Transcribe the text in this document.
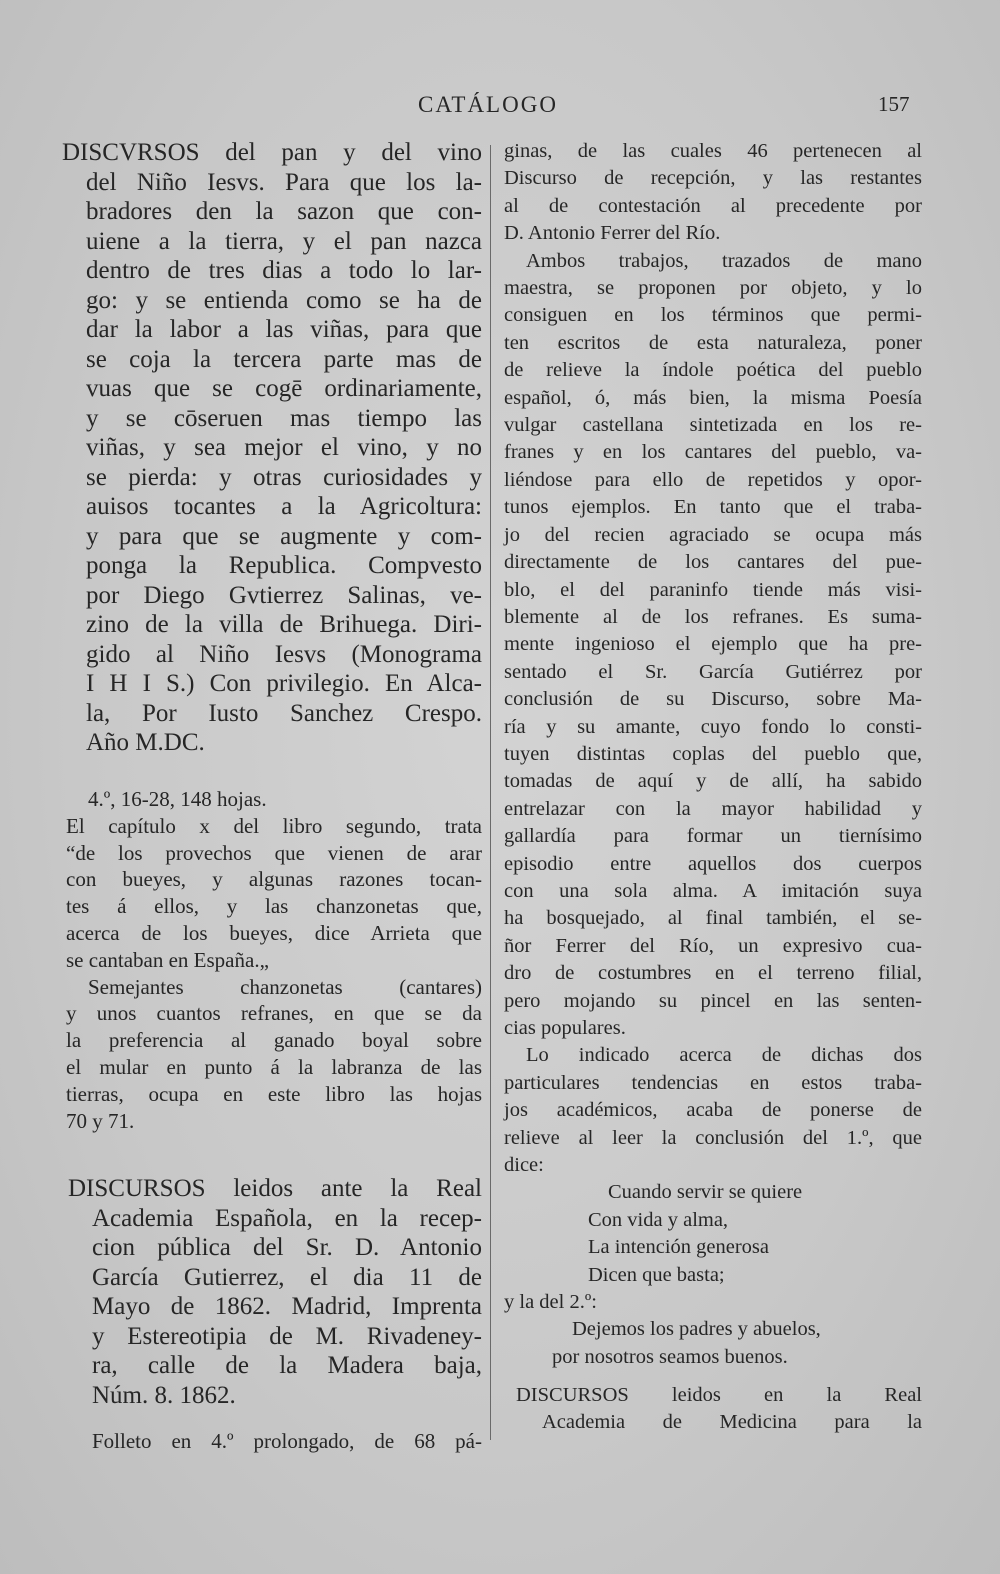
CATÁLOGO	157
DISCVRSOS del pan y del vino
del Niño Iesvs. Para que los la-
bradores den la sazon que con-
uiene a la tierra, y el pan nazca
dentro de tres dias a todo lo lar-
go: y se entienda como se ha de
dar la labor a las viñas, para que
se coja la tercera parte mas de
vuas que se cogē ordinariamente,
y se cōseruen mas tiempo las
viñas, y sea mejor el vino, y no
se pierda: y otras curiosidades y
auisos tocantes a la Agricoltura:
y para que se augmente y com-
ponga la Republica. Compvesto
por Diego Gvtierrez Salinas, ve-
zino de la villa de Brihuega. Diri-
gido al Niño Iesvs (Monograma
I H I S.) Con privilegio. En Alca-
la, Por Iusto Sanchez Crespo.
Año M.DC.
4.º, 16-28, 148 hojas.
El capítulo x del libro segundo, trata
“de los provechos que vienen de arar
con bueyes, y algunas razones tocan-
tes á ellos, y las chanzonetas que,
acerca de los bueyes, dice Arrieta que
se cantaban en España.„
Semejantes chanzonetas (cantares)
y unos cuantos refranes, en que se da
la preferencia al ganado boyal sobre
el mular en punto á la labranza de las
tierras, ocupa en este libro las hojas
70 y 71.
DISCURSOS leidos ante la Real
Academia Española, en la recep-
cion pública del Sr. D. Antonio
García Gutierrez, el dia 11 de
Mayo de 1862. Madrid, Imprenta
y Estereotipia de M. Rivadeney-
ra, calle de la Madera baja,
Núm. 8. 1862.
Folleto en 4.º prolongado, de 68 pá-
ginas, de las cuales 46 pertenecen al
Discurso de recepción, y las restantes
al de contestación al precedente por
D. Antonio Ferrer del Río.
Ambos trabajos, trazados de mano
maestra, se proponen por objeto, y lo
consiguen en los términos que permi-
ten escritos de esta naturaleza, poner
de relieve la índole poética del pueblo
español, ó, más bien, la misma Poesía
vulgar castellana sintetizada en los re-
franes y en los cantares del pueblo, va-
liéndose para ello de repetidos y opor-
tunos ejemplos. En tanto que el traba-
jo del recien agraciado se ocupa más
directamente de los cantares del pue-
blo, el del paraninfo tiende más visi-
blemente al de los refranes. Es suma-
mente ingenioso el ejemplo que ha pre-
sentado el Sr. García Gutiérrez por
conclusión de su Discurso, sobre Ma-
ría y su amante, cuyo fondo lo consti-
tuyen distintas coplas del pueblo que,
tomadas de aquí y de allí, ha sabido
entrelazar con la mayor habilidad y
gallardía para formar un tiernísimo
episodio entre aquellos dos cuerpos
con una sola alma. A imitación suya
ha bosquejado, al final también, el se-
ñor Ferrer del Río, un expresivo cua-
dro de costumbres en el terreno filial,
pero mojando su pincel en las senten-
cias populares.
Lo indicado acerca de dichas dos
particulares tendencias en estos traba-
jos académicos, acaba de ponerse de
relieve al leer la conclusión del 1.º, que
dice:
Cuando servir se quiere
Con vida y alma,
La intención generosa
Dicen que basta;
y la del 2.º:
Dejemos los padres y abuelos,
por nosotros seamos buenos.
DISCURSOS leidos en la Real
Academia de Medicina para la
